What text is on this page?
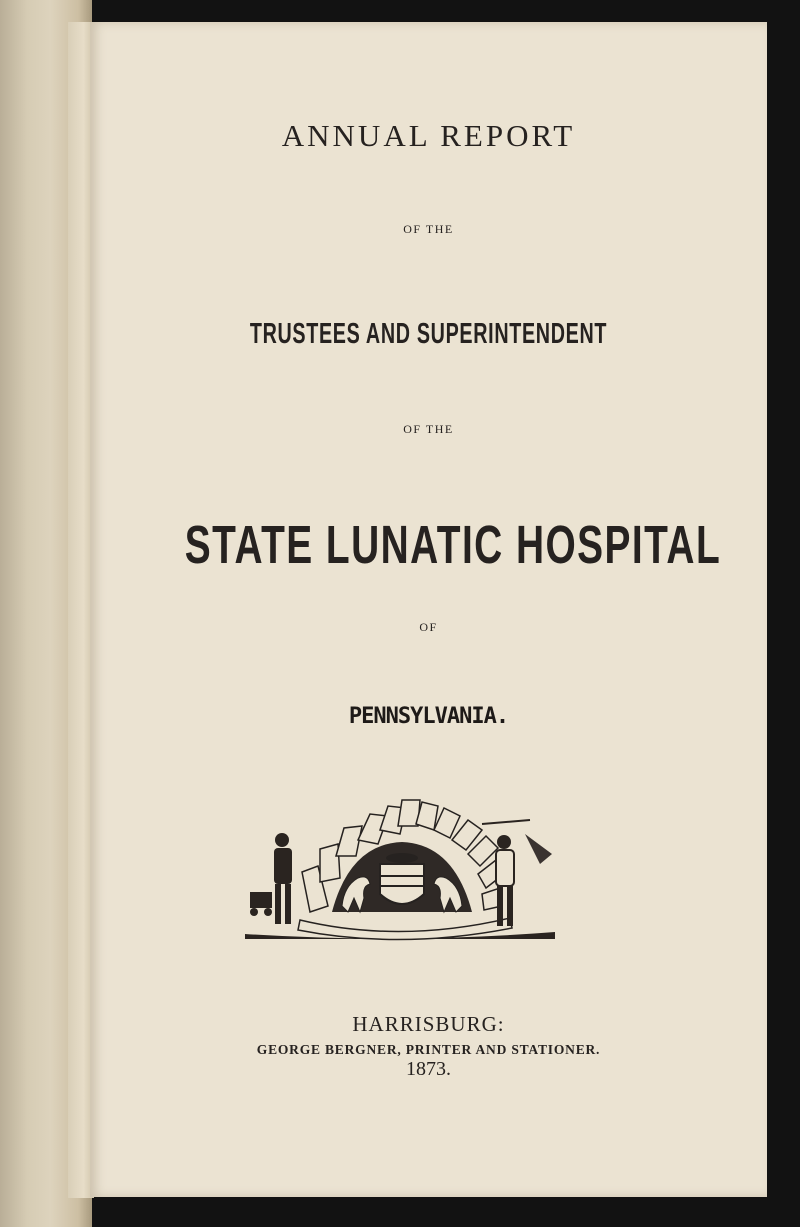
ANNUAL REPORT
OF THE
TRUSTEES AND SUPERINTENDENT
OF THE
STATE LUNATIC HOSPITAL
OF
PENNSYLVANIA.
HARRISBURG:
GEORGE BERGNER, PRINTER AND STATIONER.
1873.
